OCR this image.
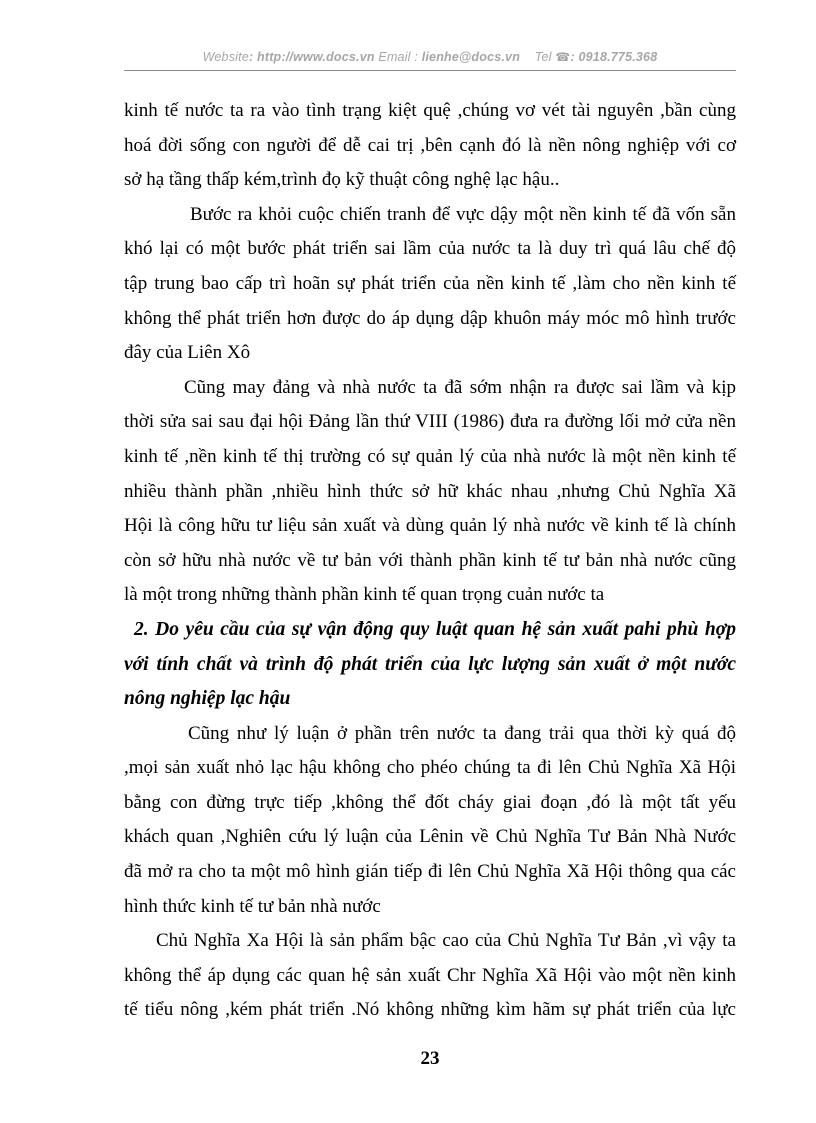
Website: http://www.docs.vn Email : lienhe@docs.vn Tel ☎: 0918.775.368

kinh tế nước ta ra vào tình trạng kiệt quệ ,chúng vơ vét tài nguyên ,bần cùng
hoá đời sống con người để dễ cai trị ,bên cạnh đó là nền nông nghiệp với cơ
sở hạ tầng thấp kém,trình đọ kỹ thuật công nghệ lạc hậu..

Bước ra khỏi cuộc chiến tranh để vực dậy một nền kinh tế đã vốn sẵn
khó lại có một bước phát triển sai lầm của nước ta là duy trì quá lâu chế độ
tập trung bao cấp trì hoãn sự phát triển của nền kinh tế ,làm cho nền kinh tế
không thể phát triển hơn được do áp dụng dập khuôn máy móc mô hình trước
đây của Liên Xô

Cũng may đảng và nhà nước ta đã sớm nhận ra được sai lầm và kịp
thời sửa sai sau đại hội Đảng lần thứ VIII (1986) đưa ra đường lối mở cửa nền
kinh tế ,nền kinh tế thị trường có sự quản lý của nhà nước là một nền kinh tế
nhiều thành phần ,nhiều hình thức sở hữ khác nhau ,nhưng Chủ Nghĩa Xã
Hội là công hữu tư liệu sản xuất và dùng quản lý nhà nước về kinh tế là chính
còn sở hữu nhà nước về tư bản với thành phần kinh tế tư bản nhà nước cũng
là một trong những thành phần kinh tế quan trọng cuản nước ta

2. Do yêu cầu của sự vận động quy luật quan hệ sản xuất pahi phù hợp
với tính chất và trình độ phát triển của lực lượng sản xuất ở một nước
nông nghiệp lạc hậu

Cũng như lý luận ở phần trên nước ta đang trải qua thời kỳ quá độ
,mọi sản xuất nhỏ lạc hậu không cho phéo chúng ta đi lên Chủ Nghĩa Xã Hội
bằng con đừng trực tiếp ,không thể đốt cháy giai đoạn ,đó là một tất yếu
khách quan ,Nghiên cứu lý luận của Lênin về Chủ Nghĩa Tư Bản Nhà Nước
đã mở ra cho ta một mô hình gián tiếp đi lên Chủ Nghĩa Xã Hội thông qua các
hình thức kinh tế tư bản nhà nước

Chủ Nghĩa Xa Hội là sản phẩm bậc cao của Chủ Nghĩa Tư Bản ,vì vậy ta
không thể áp dụng các quan hệ sản xuất Chr Nghĩa Xã Hội vào một nền kinh
tế tiểu nông ,kém phát triển .Nó không những kìm hãm sự phát triển của lực

23
